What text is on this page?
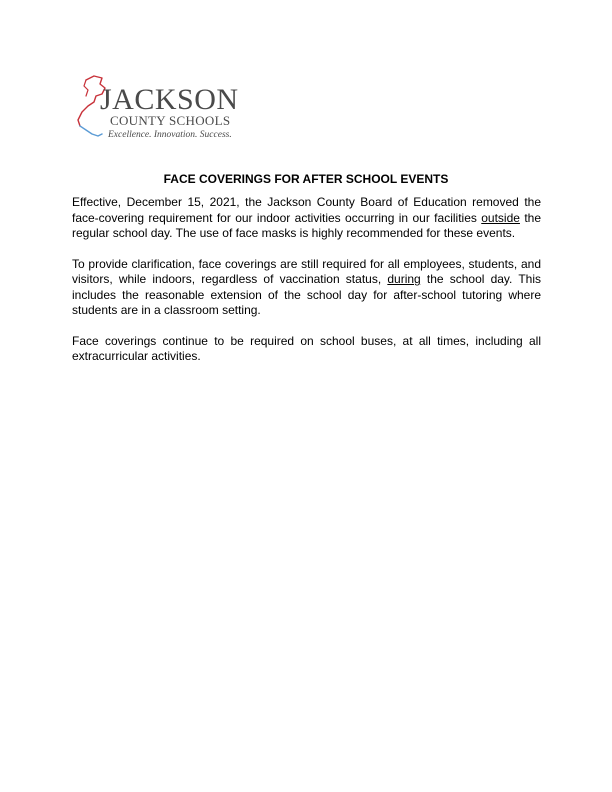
JACKSON
COUNTY SCHOOLS
Excellence. Innovation. Success.
FACE COVERINGS FOR AFTER SCHOOL EVENTS

Effective, December 15, 2021, the Jackson County Board of Education removed the face-covering requirement for our indoor activities occurring in our facilities outside the regular school day. The use of face masks is highly recommended for these events.

To provide clarification, face coverings are still required for all employees, students, and visitors, while indoors, regardless of vaccination status, during the school day. This includes the reasonable extension of the school day for after-school tutoring where students are in a classroom setting.

Face coverings continue to be required on school buses, at all times, including all extracurricular activities.
